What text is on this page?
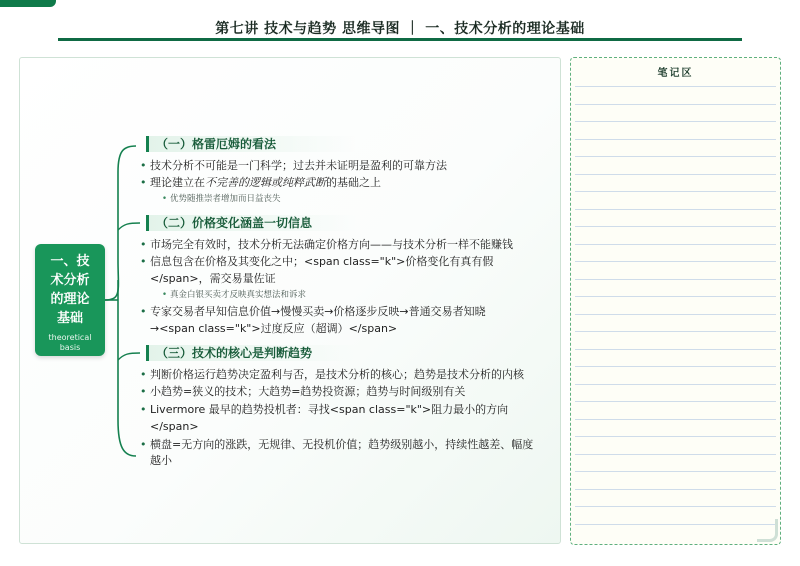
第七讲 技术与趋势 思维导图 ｜ 一、技术分析的理论基础
一、技
术分析
的理论
基础
theoretical
basis
（一）格雷厄姆的看法
• 技术分析不可能是一门科学；过去并未证明是盈利的可靠方法
• 理论建立在不完善的逻辑或纯粹武断的基础之上
• 优势随推崇者增加而日益丧失
（二）价格变化涵盖一切信息
• 市场完全有效时，技术分析无法确定价格方向——与技术分析一样不能赚钱
• 信息包含在价格及其变化之中；<span class="k">价格变化有真有假
</span>，需交易量佐证
• 真金白银买卖才反映真实想法和诉求
• 专家交易者早知信息价值→慢慢买卖→价格逐步反映→普通交易者知晓
→<span class="k">过度反应（超调）</span>
（三）技术的核心是判断趋势
• 判断价格运行趋势决定盈利与否，是技术分析的核心；趋势是技术分析的内核
• 小趋势=狭义的技术；大趋势=趋势投资源；趋势与时间级别有关
• Livermore 最早的趋势投机者：寻找<span class="k">阻力最小的方向
</span>
• 横盘=无方向的涨跌，无规律、无投机价值；趋势级别越小，持续性越差、幅度
越小
笔记区
